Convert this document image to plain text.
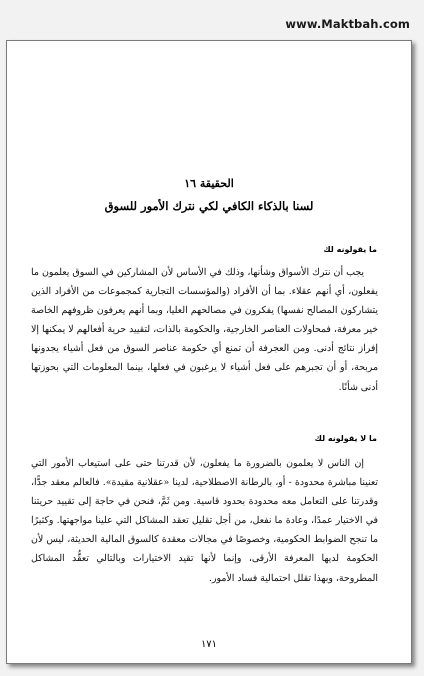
www.Maktbah.com
الحقيقة ١٦
لسنا بالذكاء الكافي لكي نترك الأمور للسوق
ما يقولونه لك

يجب أن نترك الأسواق وشأنها، وذلك في الأساس لأن المشاركين في السوق يعلمون ما يفعلون، أي أنهم عقلاء. بما أن الأفراد (والمؤسسات التجارية كمجموعات من الأفراد الذين يتشاركون المصالح نفسها) يفكرون في مصالحهم العليا، وبما أنهم يعرفون ظروفهم الخاصة خير معرفة، فمحاولات العناصر الخارجية، والحكومة بالذات، لتقييد حرية أفعالهم لا يمكنها إلا إفراز نتائج أدنى. ومن العجرفة أن تمنع أي حكومة عناصر السوق من فعل أشياء يجدونها مربحة، أو أن تجبرهم على فعل أشياء لا يرغبون في فعلها، بينما المعلومات التي بحوزتها أدنى شأنًا.

ما لا يقولونه لك

إن الناس لا يعلمون بالضرورة ما يفعلون، لأن قدرتنا حتى على استيعاب الأمور التي تعنينا مباشرة محدودة - أو، بالرطانة الاصطلاحية، لدينا «عقلانية مقيدة». فالعالم معقد جدًّا، وقدرتنا على التعامل معه محدودة بحدود قاسية. ومن ثَمَّ، فنحن في حاجة إلى تقييد حريتنا في الاختيار عمدًا، وعادة ما نفعل، من أجل تقليل تعقد المشاكل التي علينا مواجهتها. وكثيرًا ما تنجح الضوابط الحكومية، وخصوصًا في مجالات معقدة كالسوق المالية الحديثة، ليس لأن الحكومة لديها المعرفة الأرقى، وإنما لأنها تقيد الاختيارات وبالتالي تعقُّد المشاكل المطروحة، وبهذا تقلل احتمالية فساد الأمور.

١٧١
